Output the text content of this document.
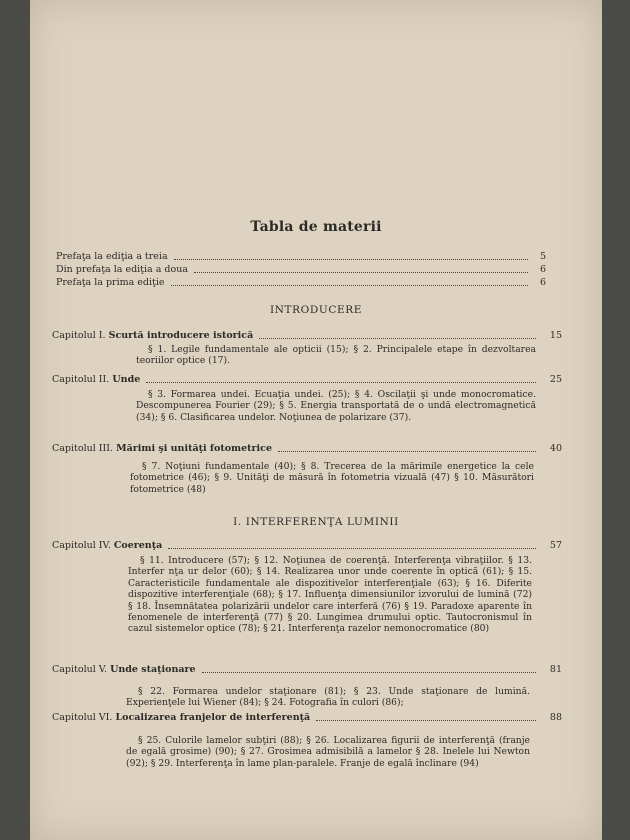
Tabla de materii
Prefaţa la ediţia a treia	5
Din prefaţa la ediţia a doua	6
Prefaţa la prima ediţie	6
INTRODUCERE
Capitolul I. Scurtă introducere istorică	15
§ 1. Legile fundamentale ale opticii (15); § 2. Principalele etape în dezvoltarea teoriilor optice (17).
Capitolul II. Unde	25
§ 3. Formarea undei. Ecuaţia undei. (25); § 4. Oscilaţii şi unde monocromatice. Descompunerea Fourier (29); § 5. Energia transportată de o undă electromagnetică (34); § 6. Clasificarea undelor. Noţiunea de polarizare (37).
Capitolul III. Mărimi şi unităţi fotometrice	40
§ 7. Noţiuni fundamentale (40); § 8. Trecerea de la mărimile energetice la cele fotometrice (46); § 9. Unităţi de măsură în fotometria vizuală (47) § 10. Măsurători fotometrice (48)
I. INTERFERENŢA LUMINII
Capitolul IV. Coerenţa	57
§ 11. Introducere (57); § 12. Noţiunea de coerenţă. Interferenţa vibraţiilor. § 13. Interfer nţa ur delor (60); § 14. Realizarea unor unde coerente în optică (61); § 15. Caracteristicile fundamentale ale dispozitivelor interferenţiale (63); § 16. Diferite dispozitive interferenţiale (68); § 17. Influenţa dimensiunilor izvorului de lumină (72) § 18. Însemnătatea polarizării undelor care interferă (76) § 19. Paradoxe aparente în fenomenele de interferenţă (77) § 20. Lungimea drumului optic. Tautocronismul în cazul sistemelor optice (78); § 21. Interferenţa razelor nemonocromatice (80)
Capitolul V. Unde staţionare	81
§ 22. Formarea undelor staţionare (81); § 23. Unde staţionare de lumină. Experienţele lui Wiener (84); § 24. Fotografia în culori (86);
Capitolul VI. Localizarea franjelor de interferenţă	88
§ 25. Culorile lamelor subţiri (88); § 26. Localizarea figurii de interferenţă (franje de egală grosime) (90); § 27. Grosimea admisibilă a lamelor § 28. Inelele lui Newton (92); § 29. Interferenţa în lame plan-paralele. Franje de egală înclinare (94)
